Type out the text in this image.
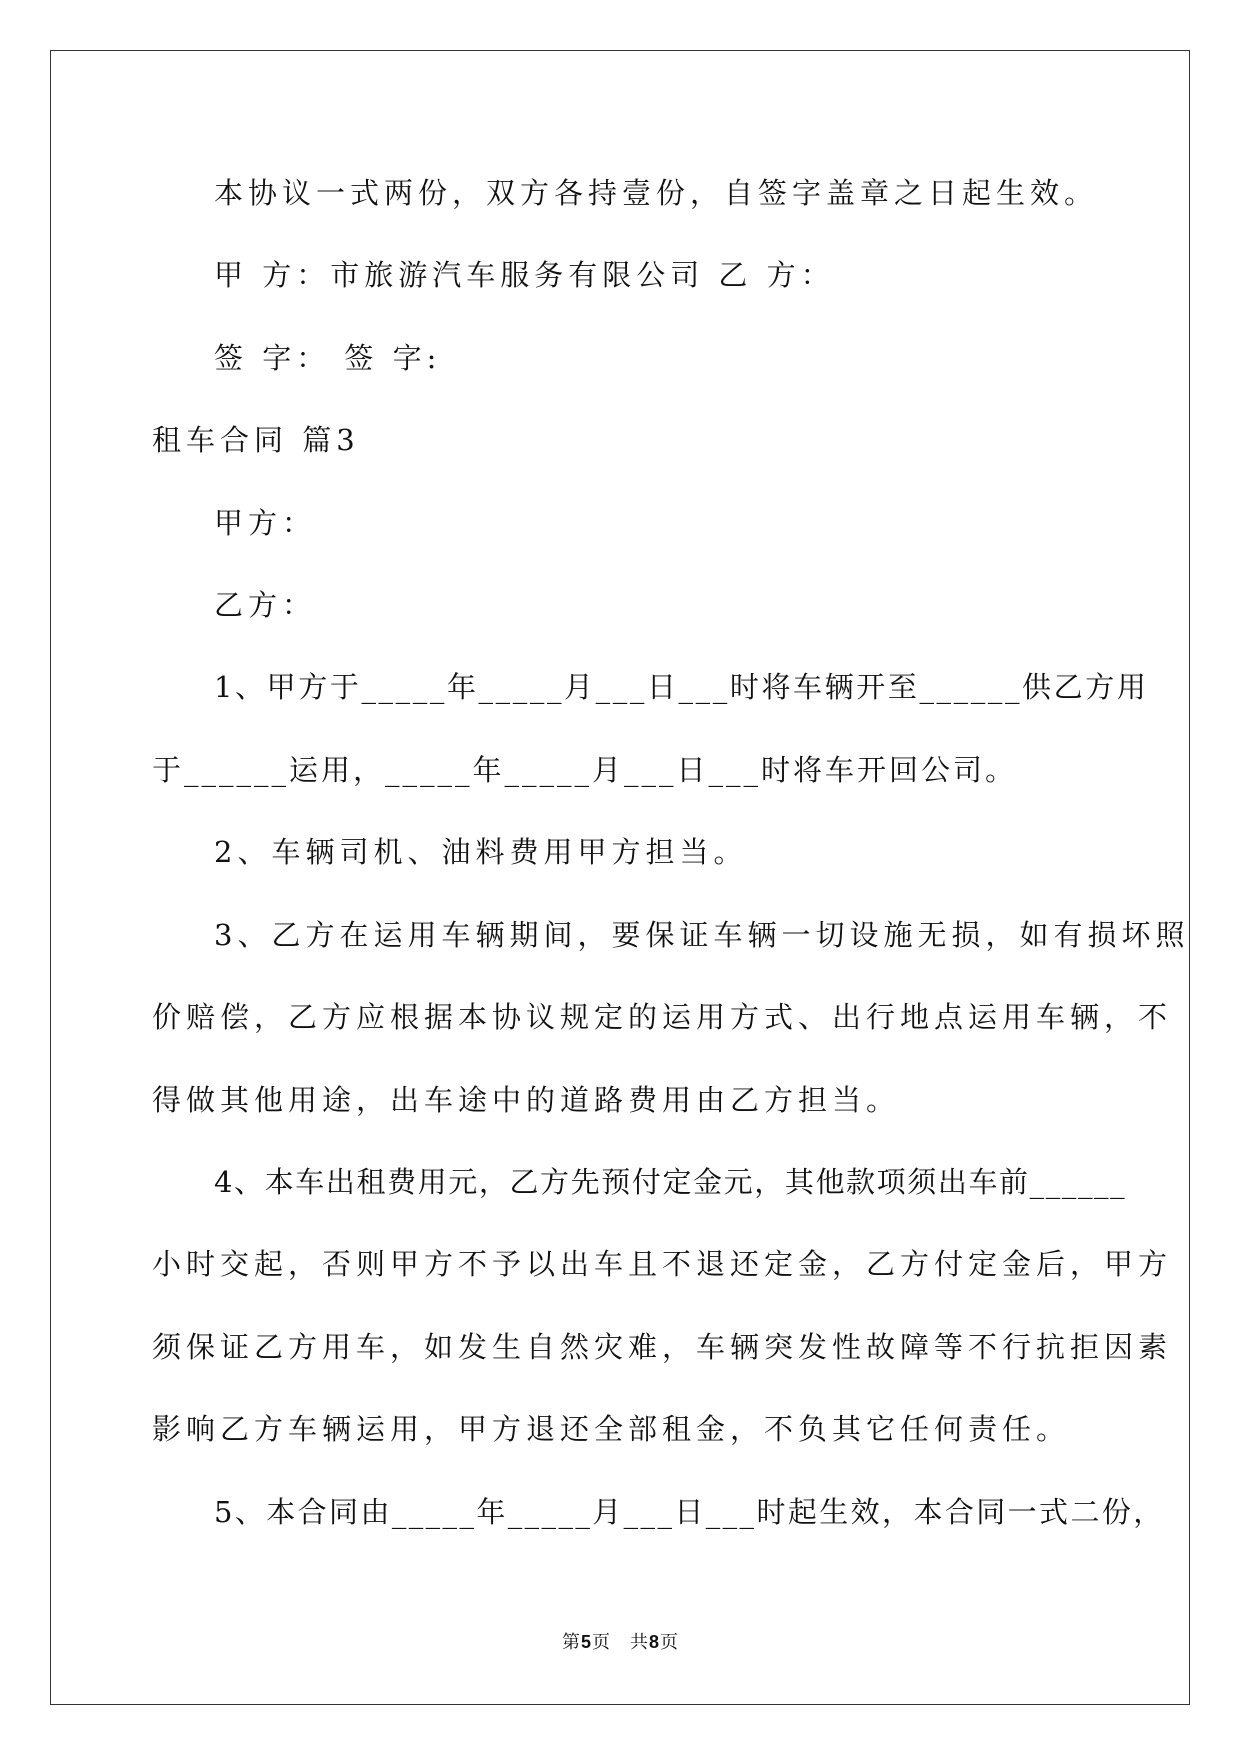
本协议一式两份，双方各持壹份，自签字盖章之日起生效。
甲 方：市旅游汽车服务有限公司 乙 方：
签 字： 签 字:
租车合同 篇3
甲方：
乙方：
1、甲方于_____年_____月___日___时将车辆开至______供乙方用
于______运用，_____年_____月___日___时将车开回公司。
2、车辆司机、油料费用甲方担当。
3、乙方在运用车辆期间，要保证车辆一切设施无损，如有损坏照
价赔偿，乙方应根据本协议规定的运用方式、出行地点运用车辆，不
得做其他用途，出车途中的道路费用由乙方担当。
4、本车出租费用元，乙方先预付定金元，其他款项须出车前______
小时交起，否则甲方不予以出车且不退还定金，乙方付定金后，甲方
须保证乙方用车，如发生自然灾难，车辆突发性故障等不行抗拒因素
影响乙方车辆运用，甲方退还全部租金，不负其它任何责任。
5、本合同由_____年_____月___日___时起生效，本合同一式二份，
第5页　共8页
